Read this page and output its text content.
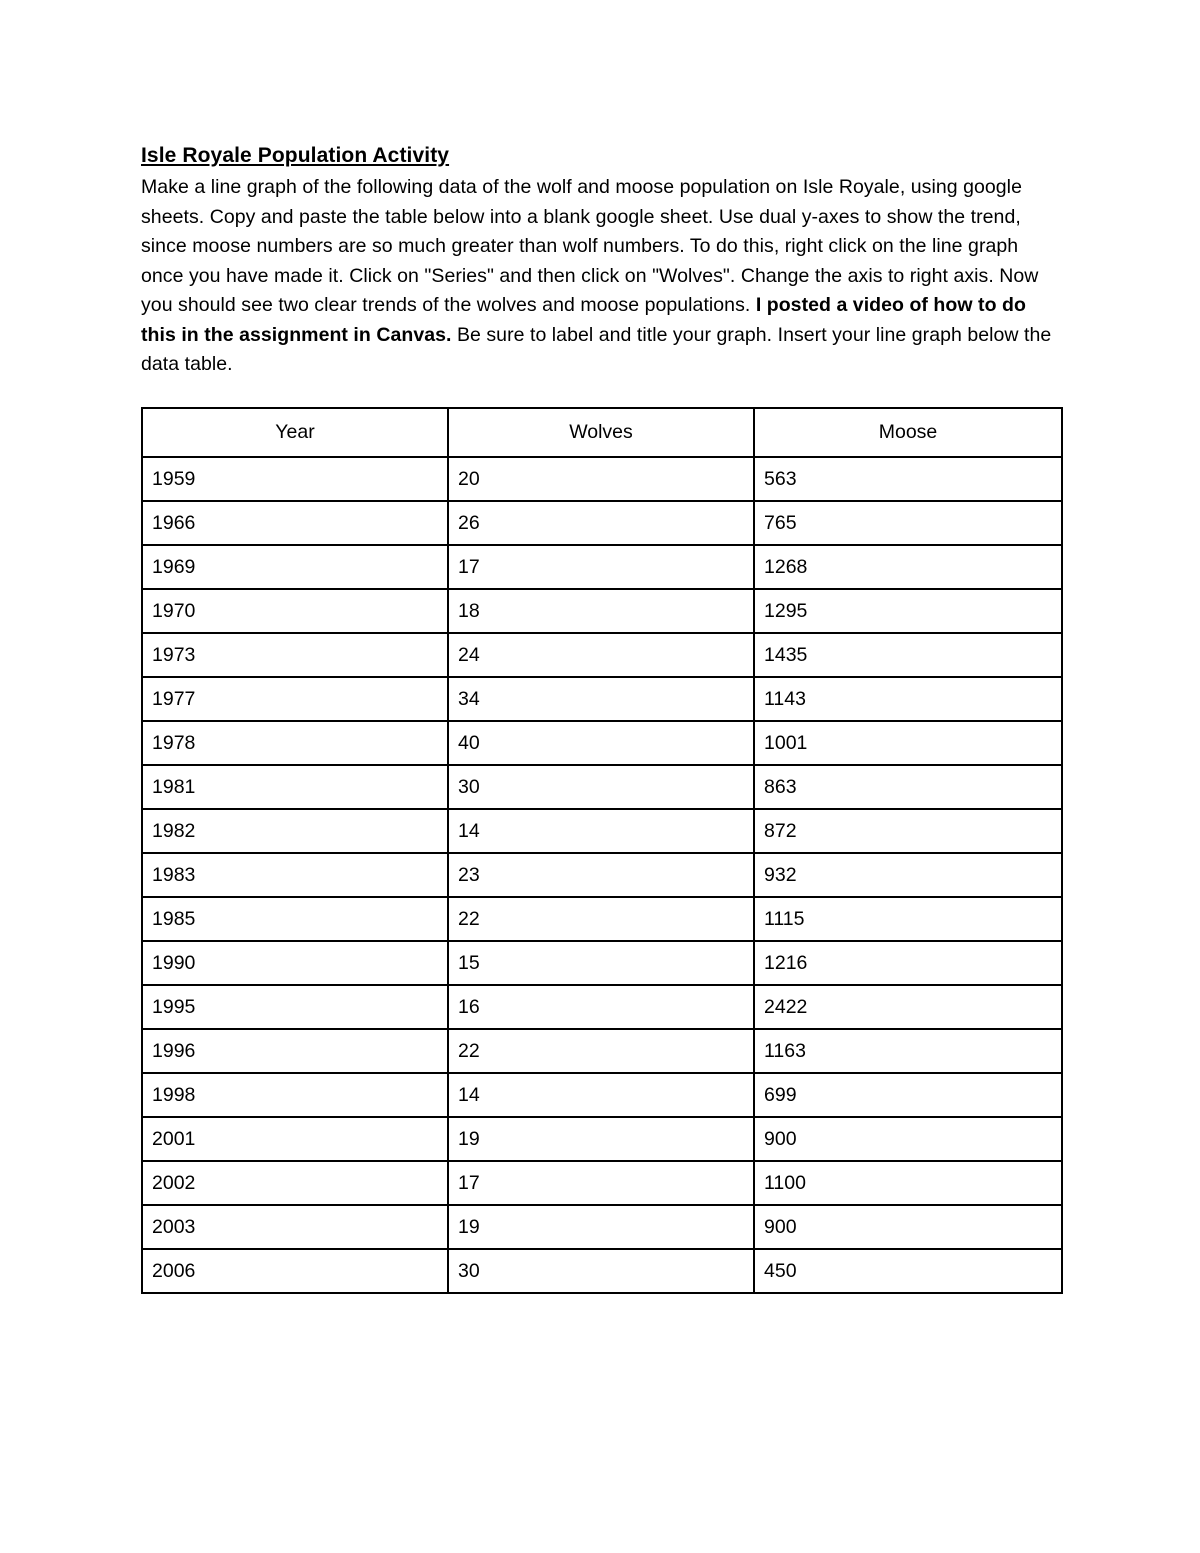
Isle Royale Population Activity

Make a line graph of the following data of the wolf and moose population on Isle Royale, using google sheets. Copy and paste the table below into a blank google sheet. Use dual y-axes to show the trend, since moose numbers are so much greater than wolf numbers. To do this, right click on the line graph once you have made it. Click on "Series" and then click on "Wolves". Change the axis to right axis. Now you should see two clear trends of the wolves and moose populations. I posted a video of how to do this in the assignment in Canvas. Be sure to label and title your graph. Insert your line graph below the data table.

Year	Wolves	Moose
1959	20	563
1966	26	765
1969	17	1268
1970	18	1295
1973	24	1435
1977	34	1143
1978	40	1001
1981	30	863
1982	14	872
1983	23	932
1985	22	1115
1990	15	1216
1995	16	2422
1996	22	1163
1998	14	699
2001	19	900
2002	17	1100
2003	19	900
2006	30	450
